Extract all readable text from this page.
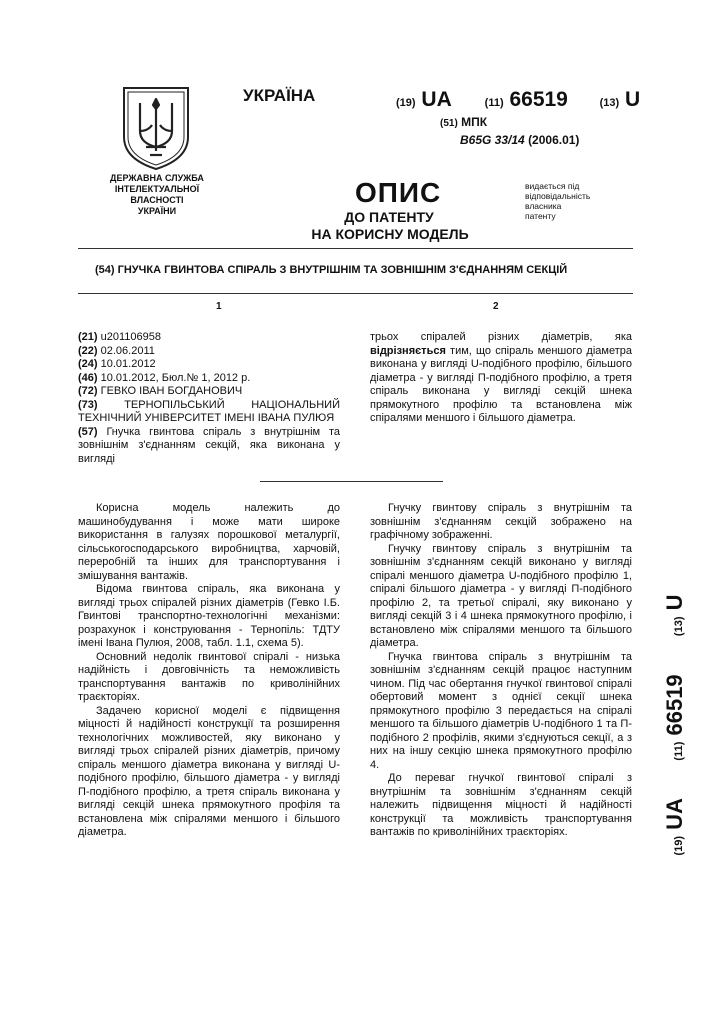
ДЕРЖАВНА СЛУЖБА
ІНТЕЛЕКТУАЛЬНОЇ
ВЛАСНОСТІ
УКРАЇНИ
УКРАЇНА	(19) UA	(11) 66519	(13) U
(51) МПК
B65G 33/14 (2006.01)
ОПИС
ДО ПАТЕНТУ
НА КОРИСНУ МОДЕЛЬ
видається під
відповідальність
власника
патенту
(54) ГНУЧКА ГВИНТОВА СПІРАЛЬ З ВНУТРІШНІМ ТА ЗОВНІШНІМ З'ЄДНАННЯМ СЕКЦІЙ
1	2

(21) u201106958

(22) 02.06.2011

(24) 10.01.2012

(46) 10.01.2012, Бюл.№ 1, 2012 р.

(72) ГЕВКО ІВАН БОГДАНОВИЧ

(73) ТЕРНОПІЛЬСЬКИЙ НАЦІОНАЛЬНИЙ ТЕХНІЧНИЙ УНІВЕРСИТЕТ ІМЕНІ ІВАНА ПУЛЮЯ

(57) Гнучка гвинтова спіраль з внутрішнім та зовнішнім з'єднанням секцій, яка виконана у вигляді

трьох спіралей різних діаметрів, яка відрізняється тим, що спіраль меншого діаметра виконана у вигляді U-подібного профілю, більшого діаметра - у вигляді П-подібного профілю, а третя спіраль виконана у вигляді секцій шнека прямокутного профілю та встановлена між спіралями меншого і більшого діаметра.

Корисна модель належить до машинобудування і може мати широке використання в галузях порошкової металургії, сільськогосподарського виробництва, харчовій, переробній та інших для транспортування і змішування вантажів.

Відома гвинтова спіраль, яка виконана у вигляді трьох спіралей різних діаметрів (Гевко І.Б. Гвинтові транспортно-технологічні механізми: розрахунок і конструювання - Тернопіль: ТДТУ імені Івана Пулюя, 2008, табл. 1.1, схема 5).

Основний недолік гвинтової спіралі - низька надійність і довговічність та неможливість транспортування вантажів по криволінійних траєкторіях.

Задачею корисної моделі є підвищення міцності й надійності конструкції та розширення технологічних можливостей, яку виконано у вигляді трьох спіралей різних діаметрів, причому спіраль меншого діаметра виконана у вигляді U-подібного профілю, більшого діаметра - у вигляді П-подібного профілю, а третя спіраль виконана у вигляді секцій шнека прямокутного профіля та встановлена між спіралями меншого і більшого діаметра.

Гнучку гвинтову спіраль з внутрішнім та зовнішнім з'єднанням секцій зображено на графічному зображенні.

Гнучку гвинтову спіраль з внутрішнім та зовнішнім з'єднанням секцій виконано у вигляді спіралі меншого діаметра U-подібного профілю 1, спіралі більшого діаметра - у вигляді П-подібного профілю 2, та третьої спіралі, яку виконано у вигляді секцій 3 і 4 шнека прямокутного профілю, і встановлено між спіралями меншого та більшого діаметра.

Гнучка гвинтова спіраль з внутрішнім та зовнішнім з'єднанням секцій працює наступним чином. Під час обертання гнучкої гвинтової спіралі обертовий момент з однієї секції шнека прямокутного профілю 3 передається на спіралі меншого та більшого діаметрів U-подібного 1 та П-подібного 2 профілів, якими з'єднуються секції, а з них на іншу секцію шнека прямокутного профілю 4.

До переваг гнучкої гвинтової спіралі з внутрішнім та зовнішнім з'єднанням секцій належить підвищення міцності й надійності конструкції та можливість транспортування вантажів по криволінійних траєкторіях.

(19) UA  (11) 66519  (13) U
